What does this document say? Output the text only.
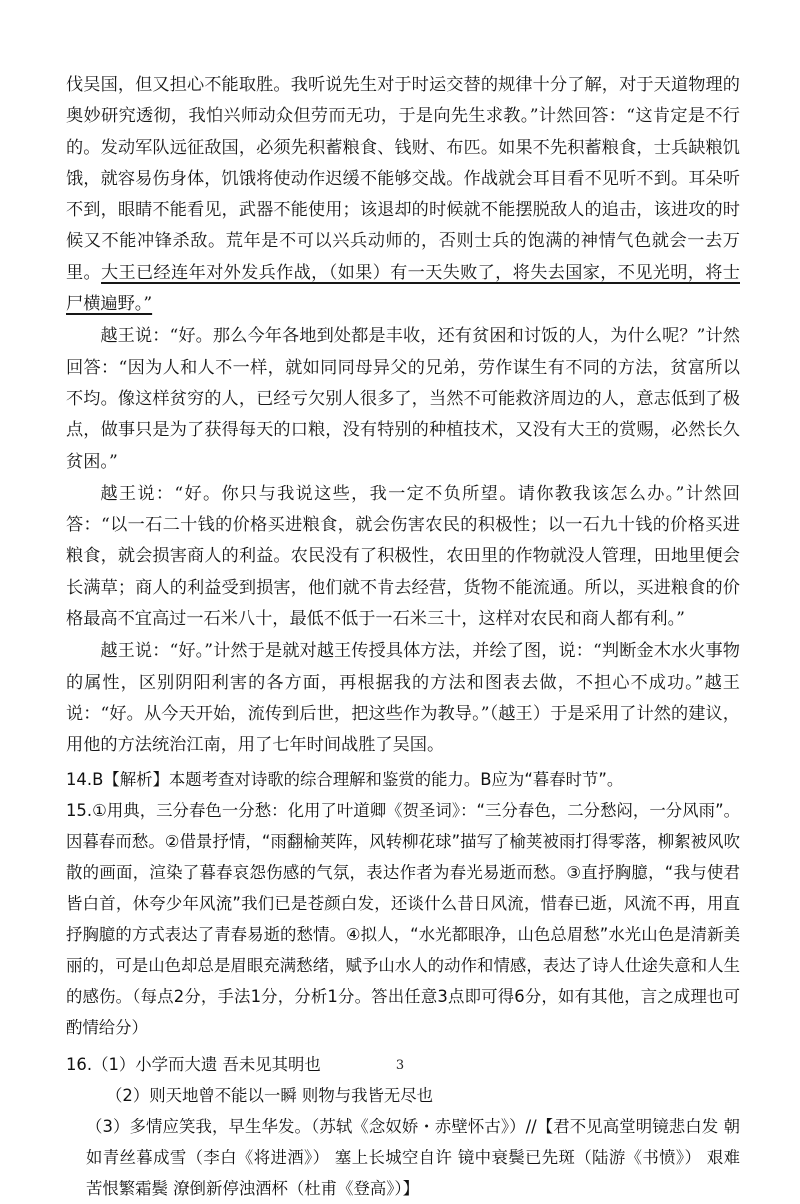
伐吴国，但又担心不能取胜。我听说先生对于时运交替的规律十分了解，对于天道物理的奥妙研究透彻，我怕兴师动众但劳而无功，于是向先生求教。”计然回答：“这肯定是不行的。发动军队远征敌国，必须先积蓄粮食、钱财、布匹。如果不先积蓄粮食，士兵缺粮饥饿，就容易伤身体，饥饿将使动作迟缓不能够交战。作战就会耳目看不见听不到。耳朵听不到，眼睛不能看见，武器不能使用；该退却的时候就不能摆脱敌人的追击，该进攻的时候又不能冲锋杀敌。荒年是不可以兴兵动师的，否则士兵的饱满的神情气色就会一去万里。大王已经连年对外发兵作战，（如果）有一天失败了，将失去国家，不见光明，将士尸横遍野。”

越王说：“好。那么今年各地到处都是丰收，还有贫困和讨饭的人，为什么呢？”计然回答：“因为人和人不一样，就如同同母异父的兄弟，劳作谋生有不同的方法，贫富所以不均。像这样贫穷的人，已经亏欠别人很多了，当然不可能救济周边的人，意志低到了极点，做事只是为了获得每天的口粮，没有特别的种植技术，又没有大王的赏赐，必然长久贫困。”

越王说：“好。你只与我说这些，我一定不负所望。请你教我该怎么办。”计然回答：“以一石二十钱的价格买进粮食，就会伤害农民的积极性；以一石九十钱的价格买进粮食，就会损害商人的利益。农民没有了积极性，农田里的作物就没人管理，田地里便会长满草；商人的利益受到损害，他们就不肯去经营，货物不能流通。所以，买进粮食的价格最高不宜高过一石米八十，最低不低于一石米三十，这样对农民和商人都有利。”

越王说：“好。”计然于是就对越王传授具体方法，并绘了图，说：“判断金木水火事物的属性，区别阴阳利害的各方面，再根据我的方法和图表去做，不担心不成功。”越王说：“好。从今天开始，流传到后世，把这些作为教导。”（越王）于是采用了计然的建议，用他的方法统治江南，用了七年时间战胜了吴国。

14.B【解析】本题考查对诗歌的综合理解和鉴赏的能力。B应为“暮春时节”。

15.①用典，三分春色一分愁：化用了叶道卿《贺圣词》：“三分春色，二分愁闷，一分风雨”。因暮春而愁。②借景抒情，“雨翻榆荚阵，风转柳花球”描写了榆荚被雨打得零落，柳絮被风吹散的画面，渲染了暮春哀怨伤感的气氛，表达作者为春光易逝而愁。③直抒胸臆，“我与使君皆白首，休夸少年风流”我们已是苍颜白发，还谈什么昔日风流，惜春已逝，风流不再，用直抒胸臆的方式表达了青春易逝的愁情。④拟人，“水光都眼净，山色总眉愁”水光山色是清新美丽的，可是山色却总是眉眼充满愁绪，赋予山水人的动作和情感，表达了诗人仕途失意和人生的感伤。（每点2分，手法1分，分析1分。答出任意3点即可得6分，如有其他，言之成理也可酌情给分）

16.（1）小学而大遗 吾未见其明也

（2）则天地曾不能以一瞬 则物与我皆无尽也

（3）多情应笑我，早生华发。（苏轼《念奴娇・赤壁怀古》）//【君不见高堂明镜悲白发 朝如青丝暮成雪（李白《将进酒》） 塞上长城空自许 镜中衰鬓已先斑（陆游《书愤》） 艰难苦恨繁霜鬓 潦倒新停浊酒杯（杜甫《登高》）】

3
